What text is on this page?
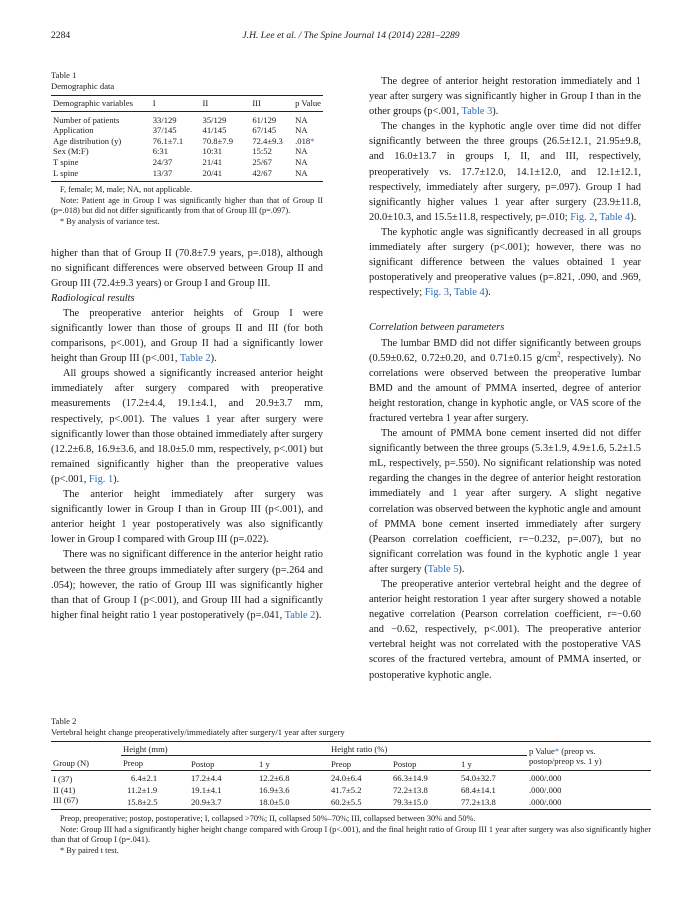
2284	J.H. Lee et al. / The Spine Journal 14 (2014) 2281–2289
Table 1
Demographic data
Demographic variables	I	II	III	p Value
Number of patients	33/129	35/129	61/129	NA
Application	37/145	41/145	67/145	NA
Age distribution (y)	76.1±7.1	70.8±7.9	72.4±9.3	.018*
Sex (M:F)	6:31	10:31	15:52	NA
T spine	24/37	21/41	25/67	NA
L spine	13/37	20/41	42/67	NA
F, female; M, male; NA, not applicable.
Note: Patient age in Group I was significantly higher than that of Group II (p=.018) but did not differ significantly from that of Group III (p=.097).
* By analysis of variance test.

higher than that of Group II (70.8±7.9 years, p=.018), although no significant differences were observed between Group II and Group III (72.4±9.3 years) or Group I and Group III.

Radiological results

The preoperative anterior heights of Group I were significantly lower than those of groups II and III (for both comparisons, p<.001), and Group II had a significantly lower height than Group III (p<.001, Table 2).

All groups showed a significantly increased anterior height immediately after surgery compared with preoperative measurements (17.2±4.4, 19.1±4.1, and 20.9±3.7 mm, respectively, p<.001). The values 1 year after surgery were significantly lower than those obtained immediately after surgery (12.2±6.8, 16.9±3.6, and 18.0±5.0 mm, respectively, p<.001) but remained significantly higher than the preoperative values (p<.001, Fig. 1).

The anterior height immediately after surgery was significantly lower in Group I than in Group III (p<.001), and anterior height 1 year postoperatively was also significantly lower in Group I compared with Group III (p=.022).

There was no significant difference in the anterior height ratio between the three groups immediately after surgery (p=.264 and .054); however, the ratio of Group III was significantly higher than that of Group I (p<.001), and Group III had a significantly higher final height ratio 1 year postoperatively (p=.041, Table 2).

The degree of anterior height restoration immediately and 1 year after surgery was significantly higher in Group I than in the other groups (p<.001, Table 3).

The changes in the kyphotic angle over time did not differ significantly between the three groups (26.5±12.1, 21.95±9.8, and 16.0±13.7 in groups I, II, and III, respectively, preoperatively vs. 17.7±12.0, 14.1±12.0, and 12.1±12.1, respectively, immediately after surgery, p=.097). Group I had significantly higher values 1 year after surgery (23.9±11.8, 20.0±10.3, and 15.5±11.8, respectively, p=.010; Fig. 2, Table 4).

The kyphotic angle was significantly decreased in all groups immediately after surgery (p<.001); however, there was no significant difference between the values obtained 1 year postoperatively and preoperative values (p=.821, .090, and .969, respectively; Fig. 3, Table 4).

Correlation between parameters

The lumbar BMD did not differ significantly between groups (0.59±0.62, 0.72±0.20, and 0.71±0.15 $g/cm^2$, respectively). No correlations were observed between the preoperative lumbar BMD and the amount of PMMA inserted, degree of anterior height restoration, change in kyphotic angle, or VAS score of the fractured vertebra 1 year after surgery.

The amount of PMMA bone cement inserted did not differ significantly between the three groups (5.3±1.9, 4.9±1.6, 5.2±1.5 mL, respectively, p=.550). No significant relationship was noted regarding the changes in the degree of anterior height restoration immediately and 1 year after surgery. A slight negative correlation was observed between the kyphotic angle and amount of PMMA bone cement inserted immediately after surgery (Pearson correlation coefficient, r=−0.232, p=.007), but no significant correlation was found in the kyphotic angle 1 year after surgery (Table 5).

The preoperative anterior vertebral height and the degree of anterior height restoration 1 year after surgery showed a notable negative correlation (Pearson correlation coefficient, r=−0.60 and −0.62, respectively, p<.001). The preoperative anterior vertebral height was not correlated with the postoperative VAS scores of the fractured vertebra, amount of PMMA inserted, or postoperative kyphotic angle.

Table 2
Vertebral height change preoperatively/immediately after surgery/1 year after surgery
Group (N)	Height (mm)			Height ratio (%)			p Value* (preop vs.
postop/preop vs. 1 y)
	Preop	Postop	1 y	Preop	Postop	1 y	
I (37)	6.4±2.1	17.2±4.4	12.2±6.8	24.0±6.4	66.3±14.9	54.0±32.7	.000/.000
II (41)	11.2±1.9	19.1±4.1	16.9±3.6	41.7±5.2	72.2±13.8	68.4±14.1	.000/.000
III (67)	15.8±2.5	20.9±3.7	18.0±5.0	60.2±5.5	79.3±15.0	77.2±13.8	.000/.000
Preop, preoperative; postop, postoperative; I, collapsed >70%; II, collapsed 50%–70%; III, collapsed between 30% and 50%.
Note: Group III had a significantly higher height change compared with Group I (p<.001), and the final height ratio of Group III 1 year after surgery was also significantly higher than that of Group I (p=.041).
* By paired t test.
